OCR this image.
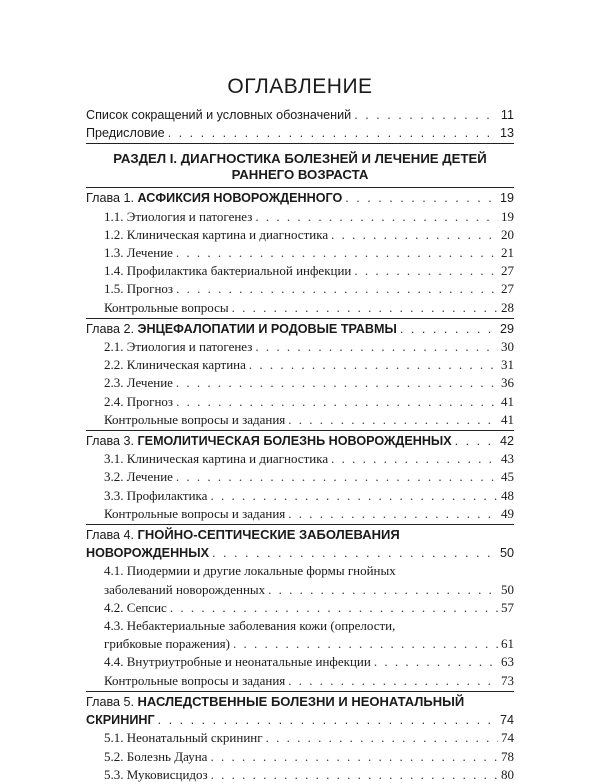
ОГЛАВЛЕНИЕ
Список сокращений и условных обозначений . . .	11
Предисловие . . .	13
РАЗДЕЛ I. ДИАГНОСТИКА БОЛЕЗНЕЙ И ЛЕЧЕНИЕ ДЕТЕЙ
РАННЕГО ВОЗРАСТА
Глава 1. АСФИКСИЯ НОВОРОЖДЕННОГО . . .	19
1.1. Этиология и патогенез . . .	19
1.2. Клиническая картина и диагностика . . .	20
1.3. Лечение . . .	21
1.4. Профилактика бактериальной инфекции . . .	27
1.5. Прогноз . . .	27
Контрольные вопросы . . .	28
Глава 2. ЭНЦЕФАЛОПАТИИ И РОДОВЫЕ ТРАВМЫ . . .	29
2.1. Этиология и патогенез . . .	30
2.2. Клиническая картина . . .	31
2.3. Лечение . . .	36
2.4. Прогноз . . .	41
Контрольные вопросы и задания . . .	41
Глава 3. ГЕМОЛИТИЧЕСКАЯ БОЛЕЗНЬ НОВОРОЖДЕННЫХ . . .	42
3.1. Клиническая картина и диагностика . . .	43
3.2. Лечение . . .	45
3.3. Профилактика . . .	48
Контрольные вопросы и задания . . .	49
Глава 4. ГНОЙНО-СЕПТИЧЕСКИЕ ЗАБОЛЕВАНИЯ
НОВОРОЖДЕННЫХ . . .	50
4.1. Пиодермии и другие локальные формы гнойных
заболеваний новорожденных . . .	50
4.2. Сепсис . . .	57
4.3. Небактериальные заболевания кожи (опрелости,
грибковые поражения) . . .	61
4.4. Внутриутробные и неонатальные инфекции . . .	63
Контрольные вопросы и задания . . .	73
Глава 5. НАСЛЕДСТВЕННЫЕ БОЛЕЗНИ И НЕОНАТАЛЬНЫЙ
СКРИНИНГ . . .	74
5.1. Неонатальный скрининг . . .	74
5.2. Болезнь Дауна . . .	78
5.3. Муковисцидоз . . .	80
